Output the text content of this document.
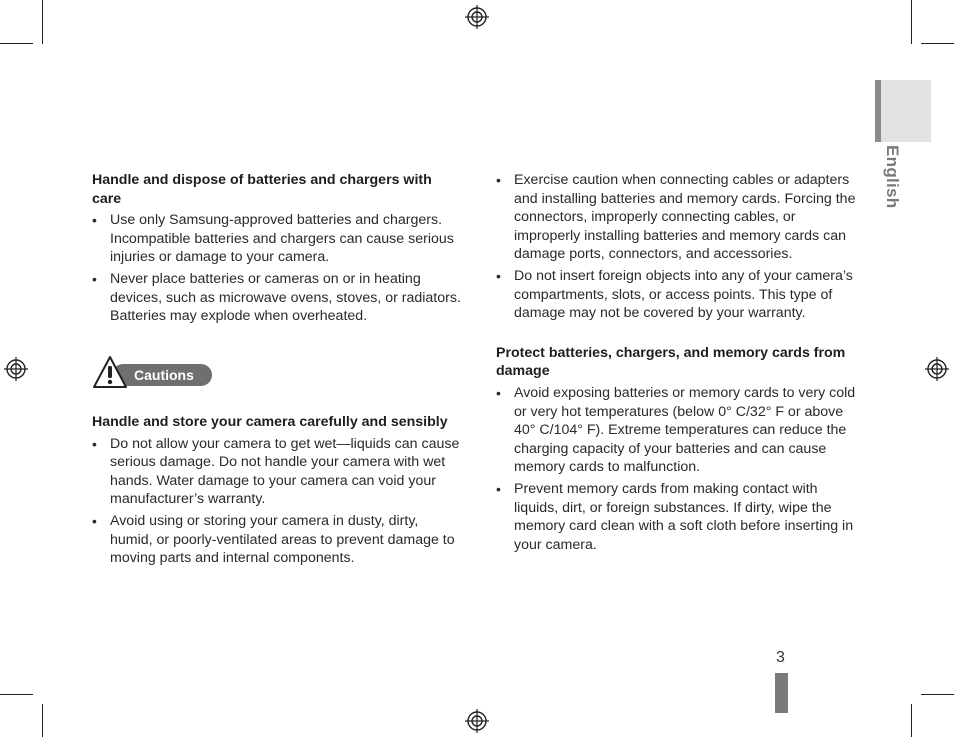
English
Handle and dispose of batteries and chargers with care
• Use only Samsung-approved batteries and chargers. Incompatible batteries and chargers can cause serious injuries or damage to your camera.
• Never place batteries or cameras on or in heating devices, such as microwave ovens, stoves, or radiators. Batteries may explode when overheated.
Cautions
Handle and store your camera carefully and sensibly
• Do not allow your camera to get wet—liquids can cause serious damage. Do not handle your camera with wet hands. Water damage to your camera can void your manufacturer’s warranty.
• Avoid using or storing your camera in dusty, dirty, humid, or poorly-ventilated areas to prevent damage to moving parts and internal components.
• Exercise caution when connecting cables or adapters and installing batteries and memory cards. Forcing the connectors, improperly connecting cables, or improperly installing batteries and memory cards can damage ports, connectors, and accessories.
• Do not insert foreign objects into any of your camera’s compartments, slots, or access points. This type of damage may not be covered by your warranty.
Protect batteries, chargers, and memory cards from damage
• Avoid exposing batteries or memory cards to very cold or very hot temperatures (below 0° C/32° F or above 40° C/104° F). Extreme temperatures can reduce the charging capacity of your batteries and can cause memory cards to malfunction.
• Prevent memory cards from making contact with liquids, dirt, or foreign substances. If dirty, wipe the memory card clean with a soft cloth before inserting in your camera.
3
